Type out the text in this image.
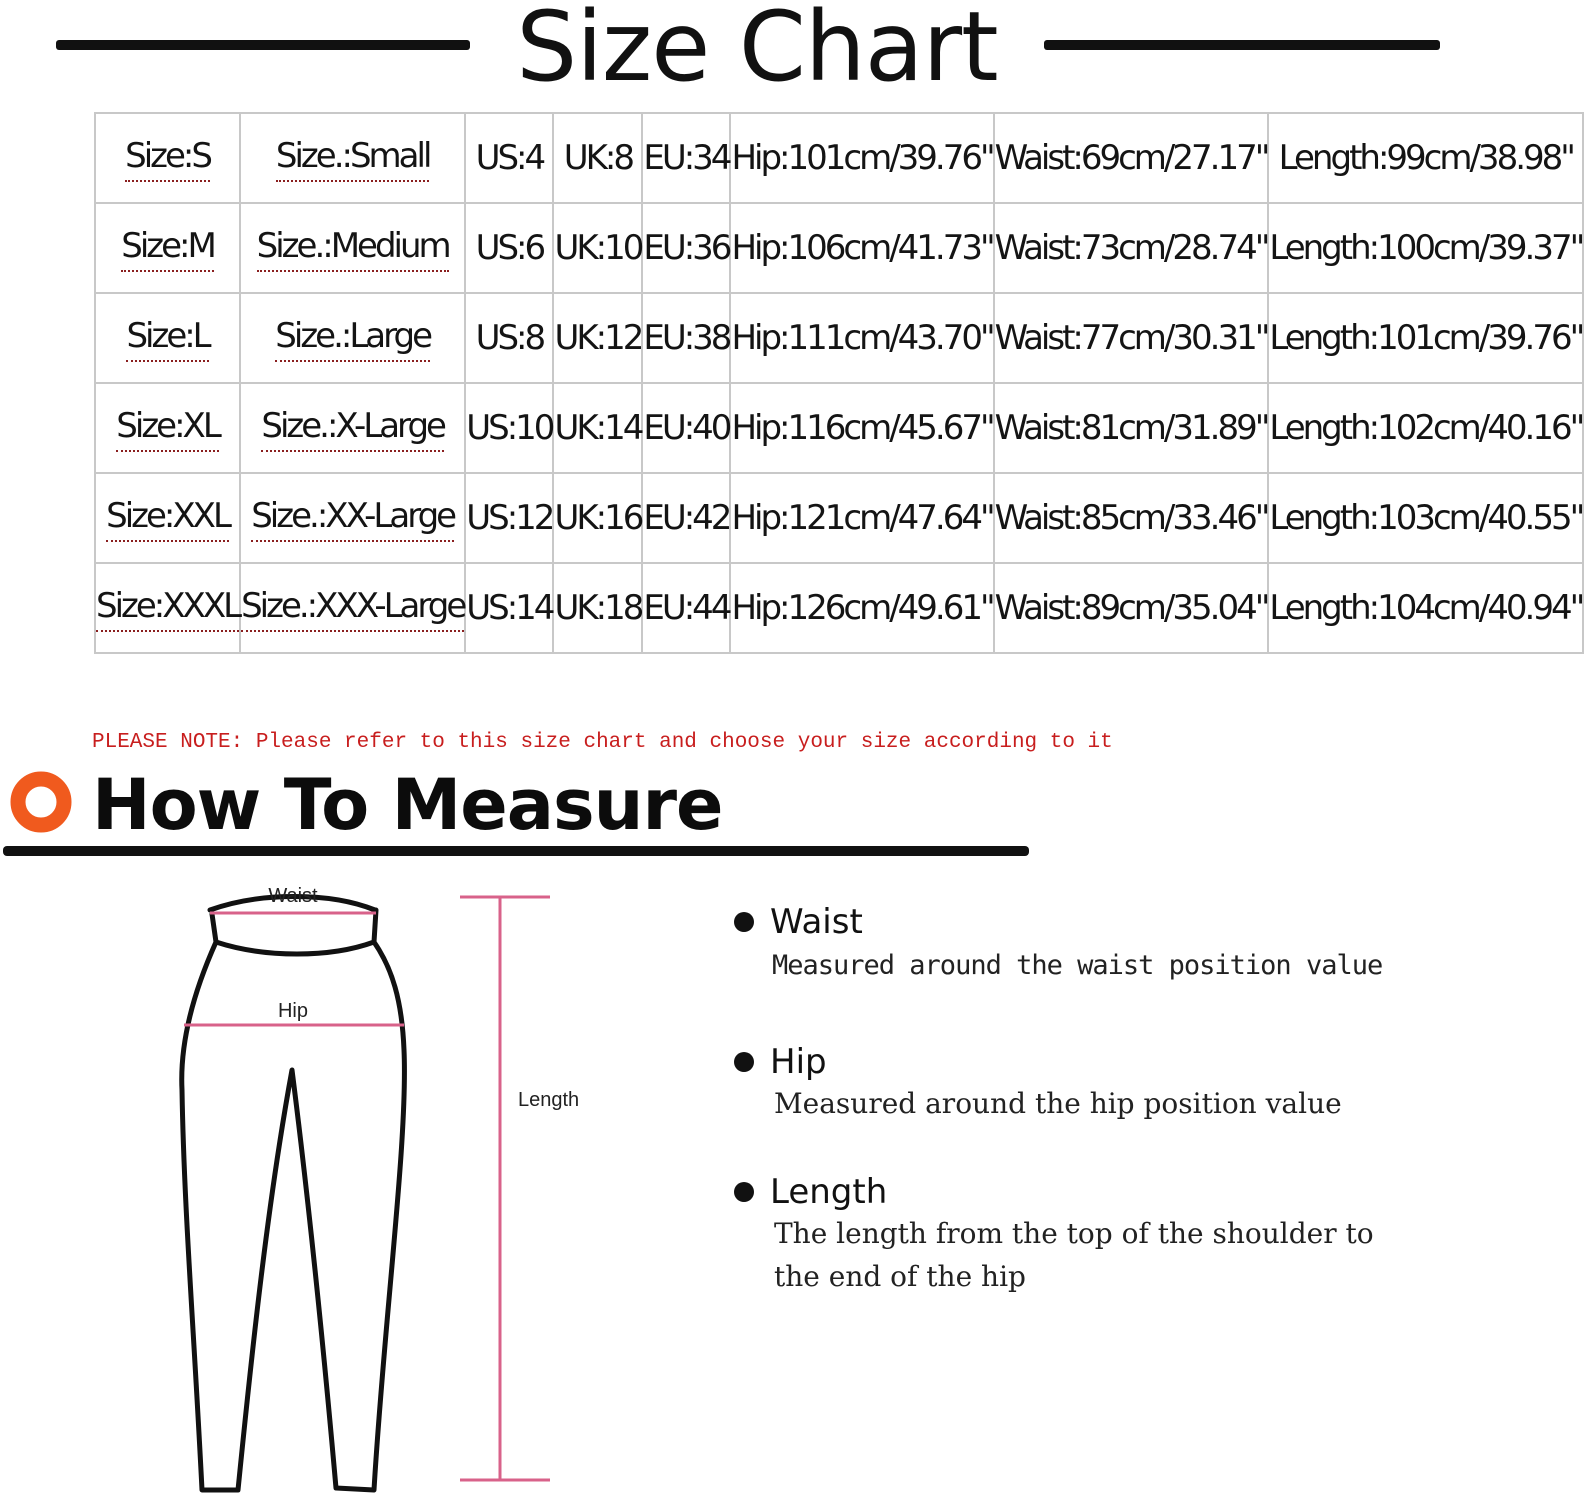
Size Chart
Size:S	Size.:Small	US:4	UK:8	EU:34	Hip:101cm/39.76"	Waist:69cm/27.17"	Length:99cm/38.98"
Size:M	Size.:Medium	US:6	UK:10	EU:36	Hip:106cm/41.73"	Waist:73cm/28.74"	Length:100cm/39.37"
Size:L	Size.:Large	US:8	UK:12	EU:38	Hip:111cm/43.70"	Waist:77cm/30.31"	Length:101cm/39.76"
Size:XL	Size.:X-Large	US:10	UK:14	EU:40	Hip:116cm/45.67"	Waist:81cm/31.89"	Length:102cm/40.16"
Size:XXL	Size.:XX-Large	US:12	UK:16	EU:42	Hip:121cm/47.64"	Waist:85cm/33.46"	Length:103cm/40.55"
Size:XXXL	Size.:XXX-Large	US:14	UK:18	EU:44	Hip:126cm/49.61"	Waist:89cm/35.04"	Length:104cm/40.94"
PLEASE NOTE: Please refer to this size chart and choose your size according to it
How To Measure
Waist
Hip
Length
Waist
Measured around the waist position value
Hip
Measured around the hip position value
Length
The length from the top of the shoulder to
the end of the hip
